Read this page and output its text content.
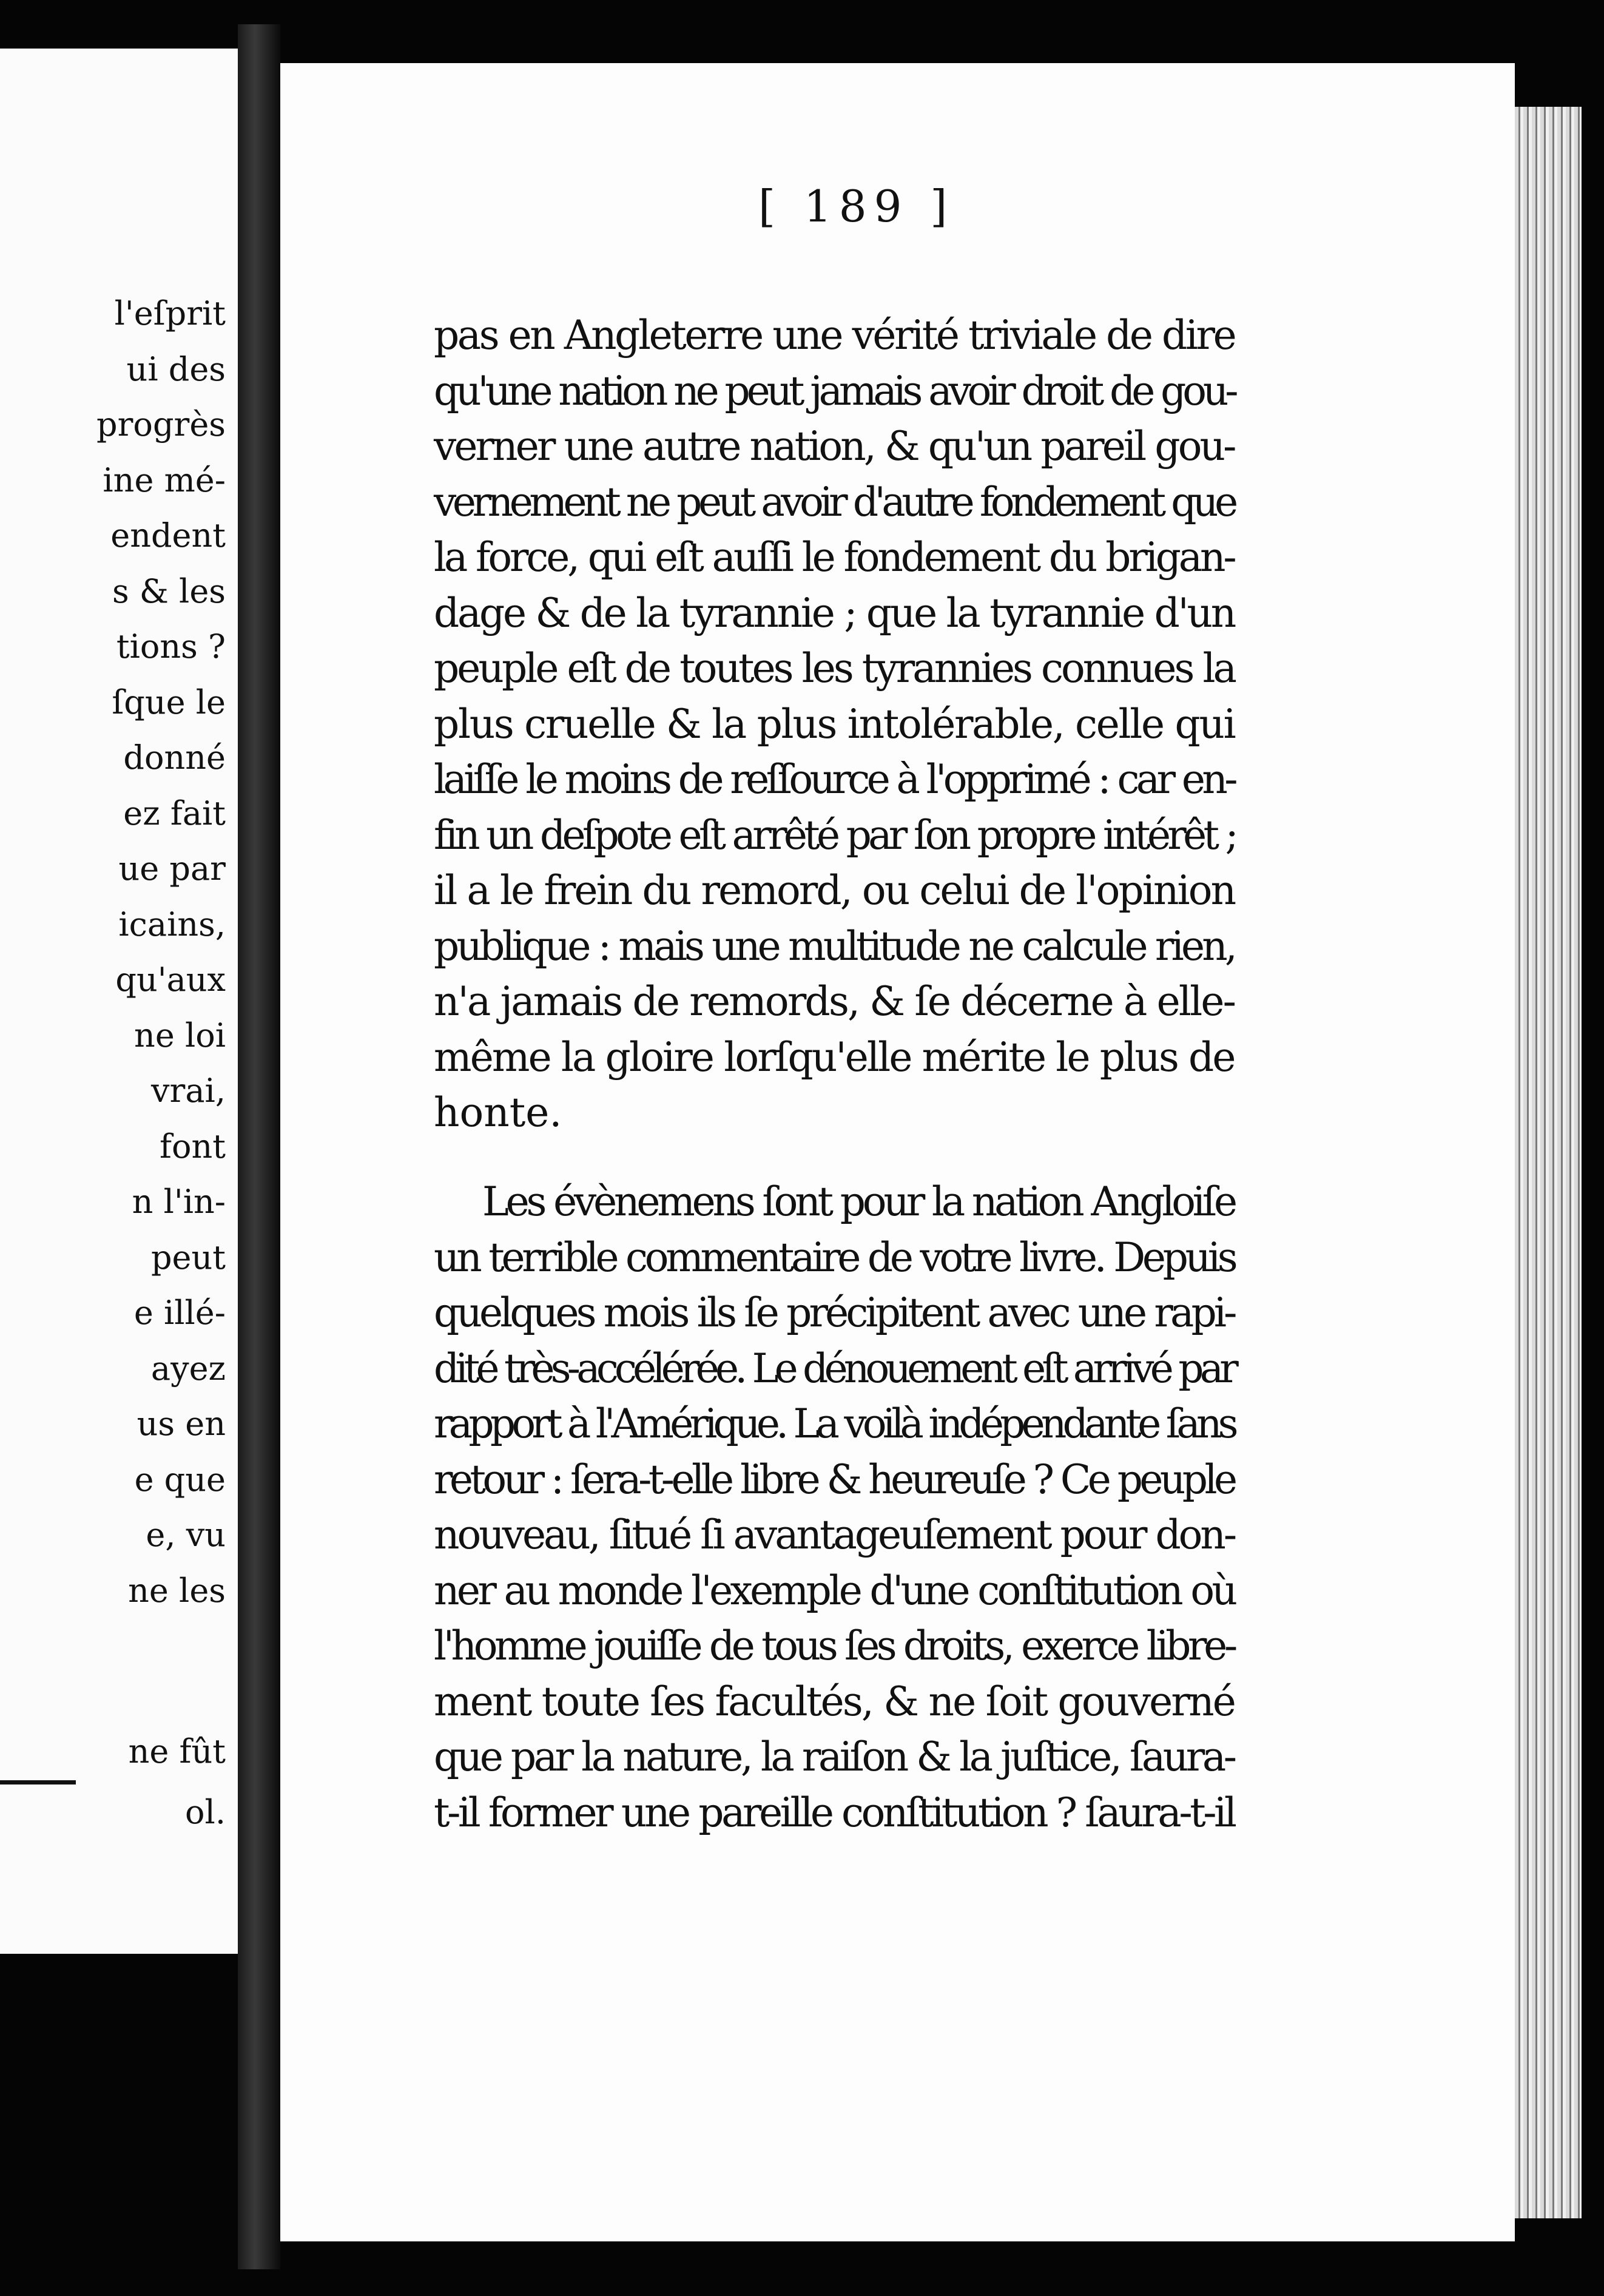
l'eſprit
ui des
progrès
ine mé-
endent
s & les
tions ?
ſque le
donné
ez fait
ue par
icains,
qu'aux
ne loi
vrai,
font
n l'in-
peut
e illé-
ayez
us en
e que
e, vu
ne les
ne fût
ol.
[ 189 ]
pas en Angleterre une vérité triviale de dire
qu'une nation ne peut jamais avoir droit de gou-
verner une autre nation, & qu'un pareil gou-
vernement ne peut avoir d'autre fondement que
la force, qui eſt auſſi le fondement du brigan-
dage & de la tyrannie ; que la tyrannie d'un
peuple eſt de toutes les tyrannies connues la
plus cruelle & la plus intolérable, celle qui
laiſſe le moins de reſſource à l'opprimé : car en-
fin un deſpote eſt arrêté par ſon propre intérêt ;
il a le frein du remord, ou celui de l'opinion
publique : mais une multitude ne calcule rien,
n'a jamais de remords, & ſe décerne à elle-
même la gloire lorſqu'elle mérite le plus de
honte.
Les évènemens ſont pour la nation Angloiſe
un terrible commentaire de votre livre. Depuis
quelques mois ils ſe précipitent avec une rapi-
dité très-accélérée. Le dénouement eſt arrivé par
rapport à l'Amérique. La voilà indépendante ſans
retour : ſera-t-elle libre & heureuſe ? Ce peuple
nouveau, ſitué ſi avantageuſement pour don-
ner au monde l'exemple d'une conſtitution où
l'homme jouiſſe de tous ſes droits, exerce libre-
ment toute ſes facultés, & ne ſoit gouverné
que par la nature, la raiſon & la juſtice, ſaura-
t-il former une pareille conſtitution ? ſaura-t-il
